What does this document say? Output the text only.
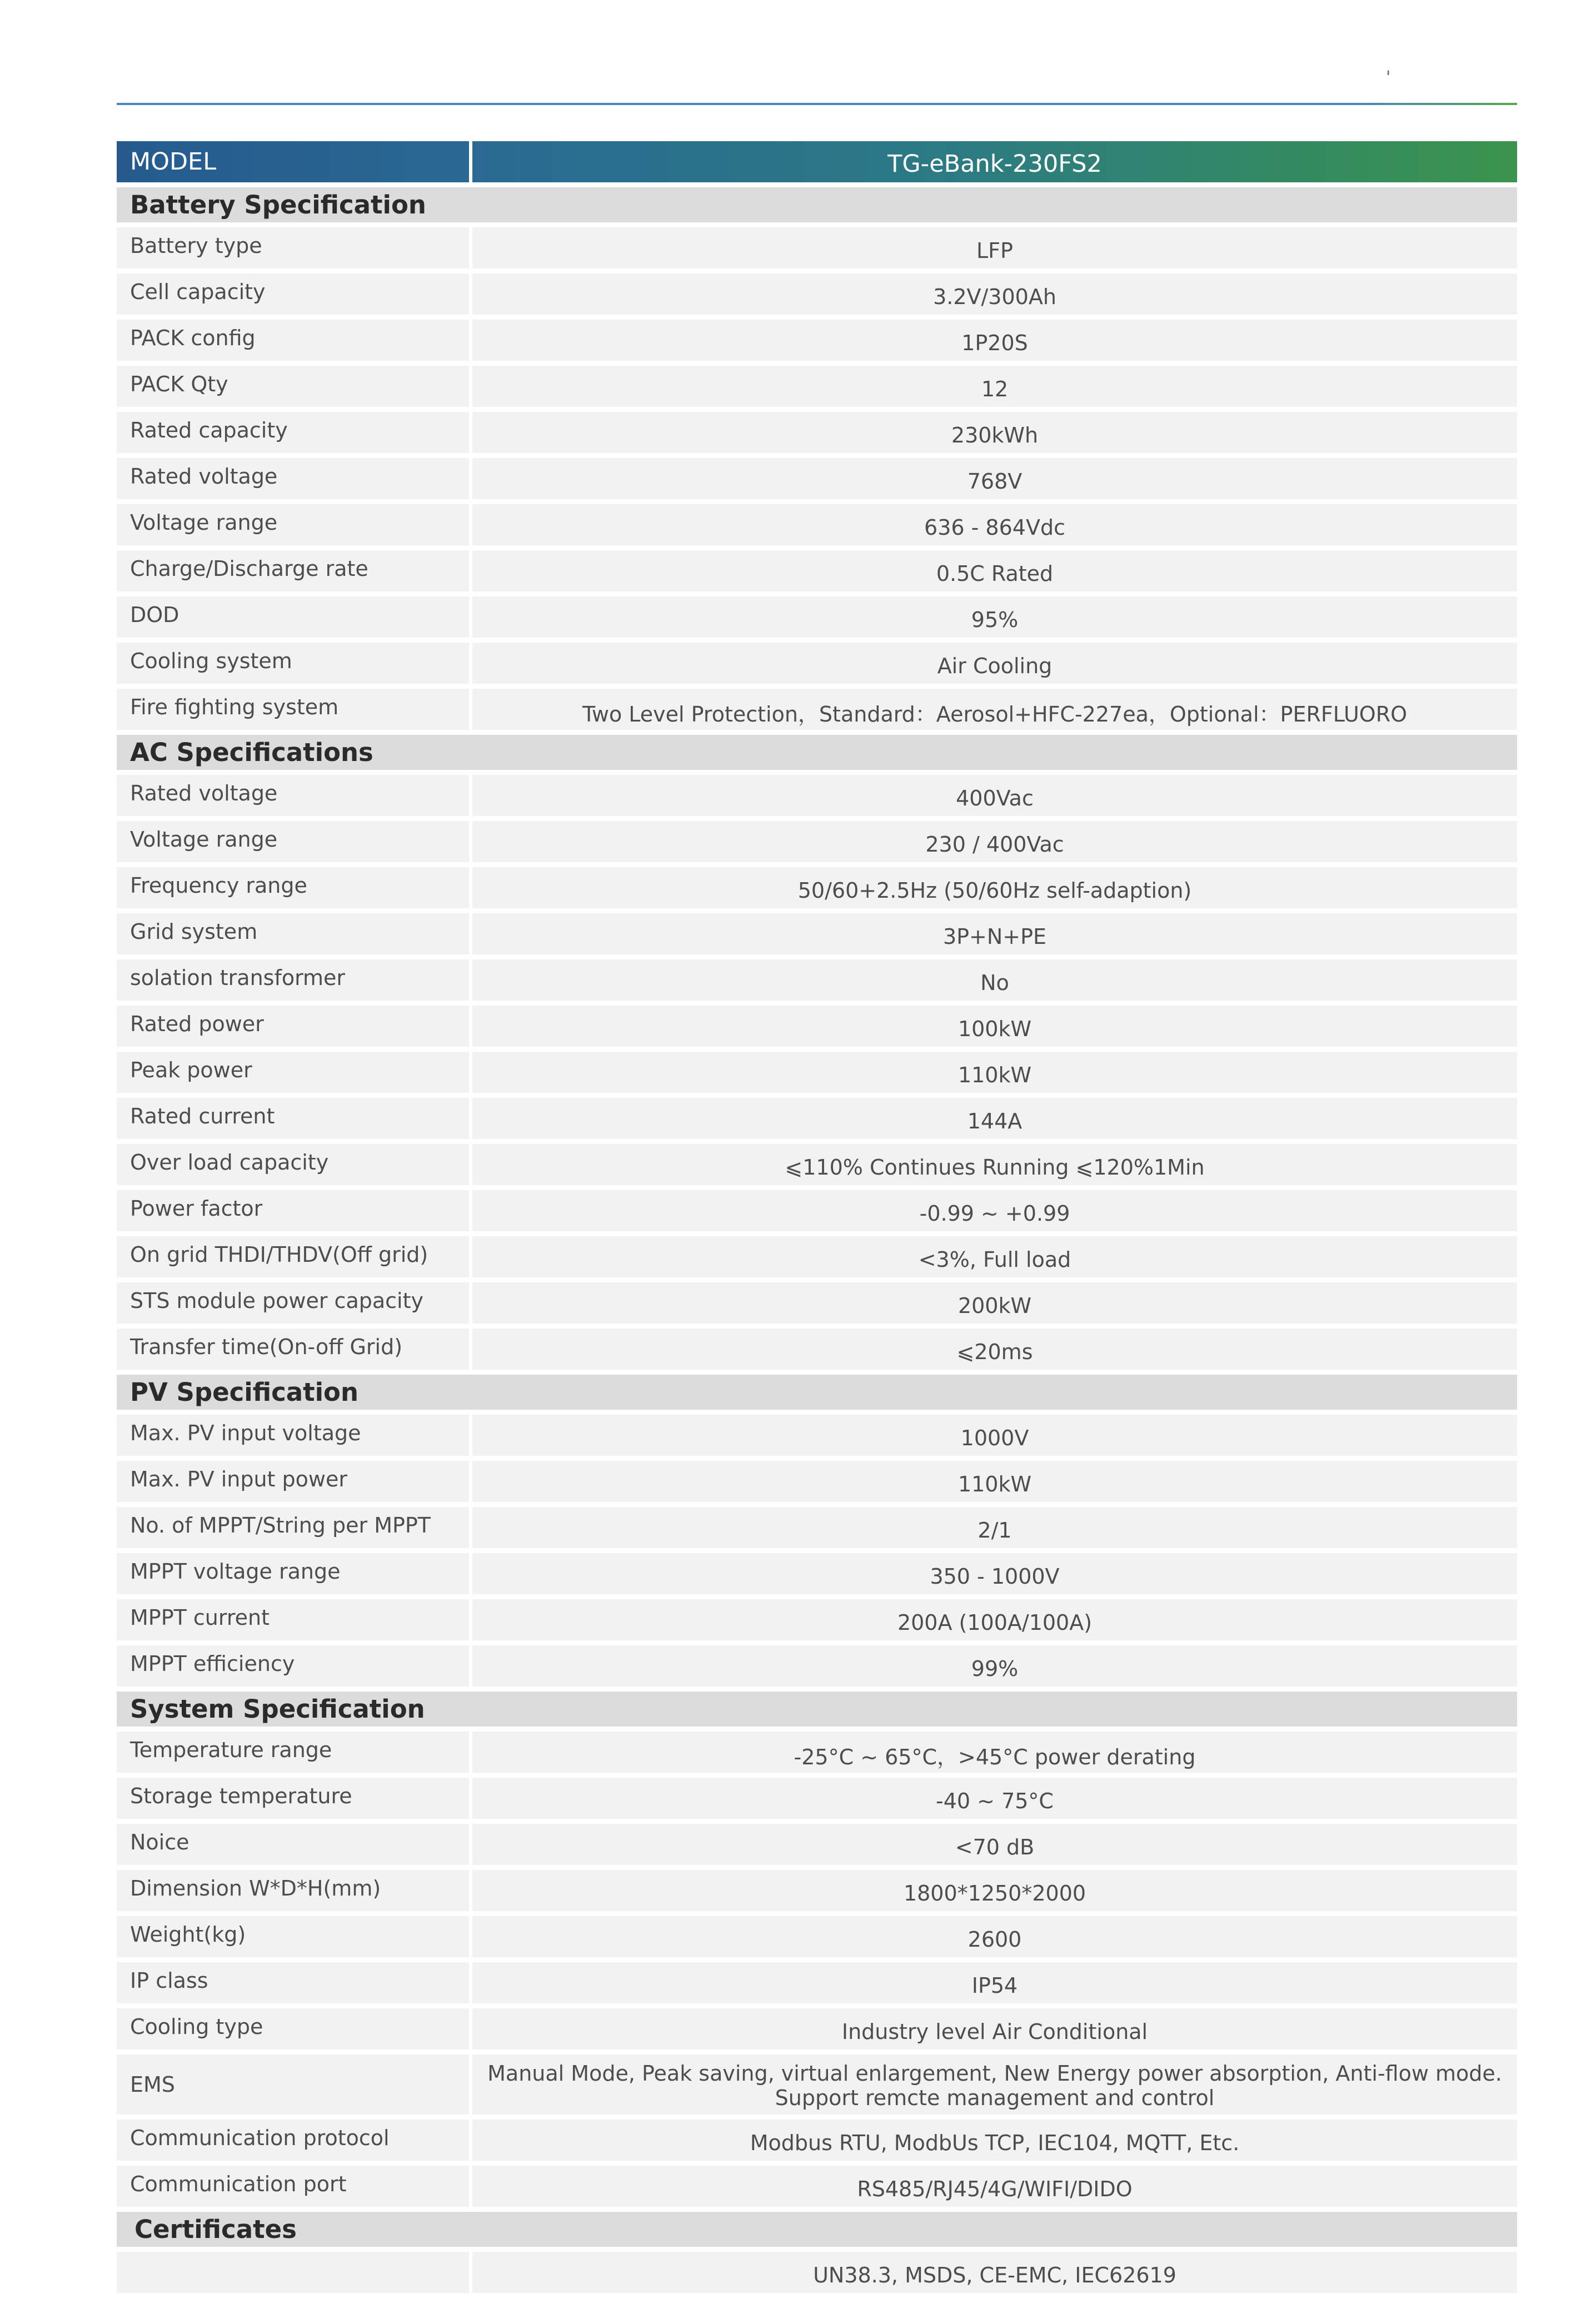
'
MODEL	TG-eBank-230FS2
Battery Specification	
Battery type	LFP
Cell capacity	3.2V/300Ah
PACK config	1P20S
PACK Qty	12
Rated capacity	230kWh
Rated voltage	768V
Voltage range	636 - 864Vdc
Charge/Discharge rate	0.5C Rated
DOD	95%
Cooling system	Air Cooling
Fire fighting system	Two Level Protection，Standard：Aerosol+HFC-227ea，Optional：PERFLUORO
AC Specifications	
Rated voltage	400Vac
Voltage range	230 / 400Vac
Frequency range	50/60+2.5Hz (50/60Hz self-adaption)
Grid system	3P+N+PE
solation transformer	No
Rated power	100kW
Peak power	110kW
Rated current	144A
Over load capacity	⩽110% Continues Running ⩽120%1Min
Power factor	-0.99 ~ +0.99
On grid THDI/THDV(Off grid)	<3%, Full load
STS module power capacity	200kW
Transfer time(On-off Grid)	⩽20ms
PV Specification	
Max. PV input voltage	1000V
Max. PV input power	110kW
No. of MPPT/String per MPPT	2/1
MPPT voltage range	350 - 1000V
MPPT current	200A (100A/100A)
MPPT efficiency	99%
System Specification	
Temperature range	-25°C ~ 65°C，>45°C power derating
Storage temperature	-40 ~ 75°C
Noice	<70 dB
Dimension W*D*H(mm)	1800*1250*2000
Weight(kg)	2600
IP class	IP54
Cooling type	Industry level Air Conditional
EMS	Manual Mode, Peak saving, virtual enlargement, New Energy power absorption, Anti-flow mode.
Support remcte management and control

Communication protocol	Modbus RTU, ModbUs TCP, IEC104, MQTT, Etc.
Communication port	RS485/RJ45/4G/WIFI/DIDO
Certificates	
	UN38.3, MSDS, CE-EMC, IEC62619
